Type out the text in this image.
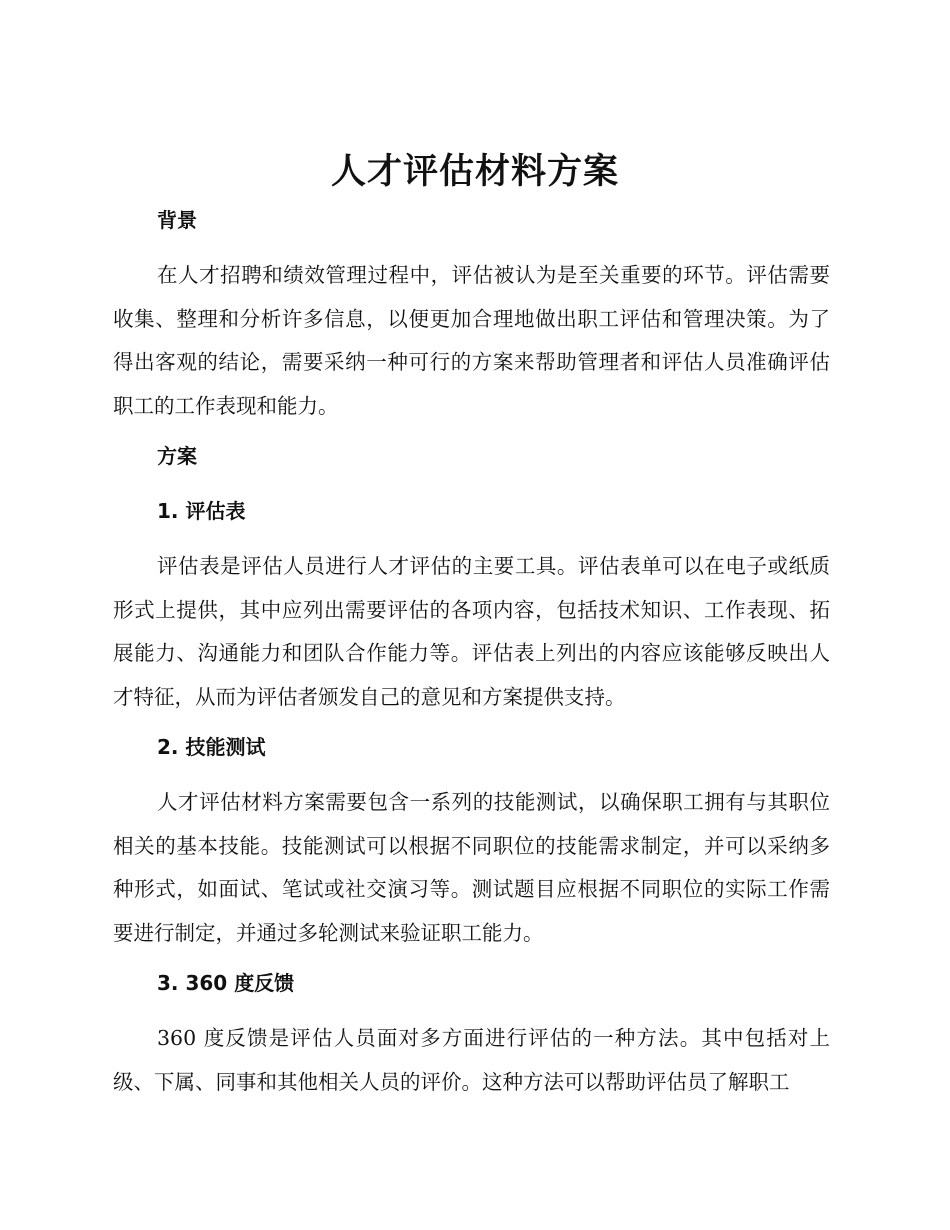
人才评估材料方案
背景

在人才招聘和绩效管理过程中，评估被认为是至关重要的环节。评估需要收集、整理和分析许多信息，以便更加合理地做出职工评估和管理决策。为了得出客观的结论，需要采纳一种可行的方案来帮助管理者和评估人员准确评估职工的工作表现和能力。

方案
1. 评估表

评估表是评估人员进行人才评估的主要工具。评估表单可以在电子或纸质形式上提供，其中应列出需要评估的各项内容，包括技术知识、工作表现、拓展能力、沟通能力和团队合作能力等。评估表上列出的内容应该能够反映出人才特征，从而为评估者颁发自己的意见和方案提供支持。

2. 技能测试

人才评估材料方案需要包含一系列的技能测试，以确保职工拥有与其职位相关的基本技能。技能测试可以根据不同职位的技能需求制定，并可以采纳多种形式，如面试、笔试或社交演习等。测试题目应根据不同职位的实际工作需要进行制定，并通过多轮测试来验证职工能力。

3. 360 度反馈

360 度反馈是评估人员面对多方面进行评估的一种方法。其中包括对上级、下属、同事和其他相关人员的评价。这种方法可以帮助评估员了解职工
